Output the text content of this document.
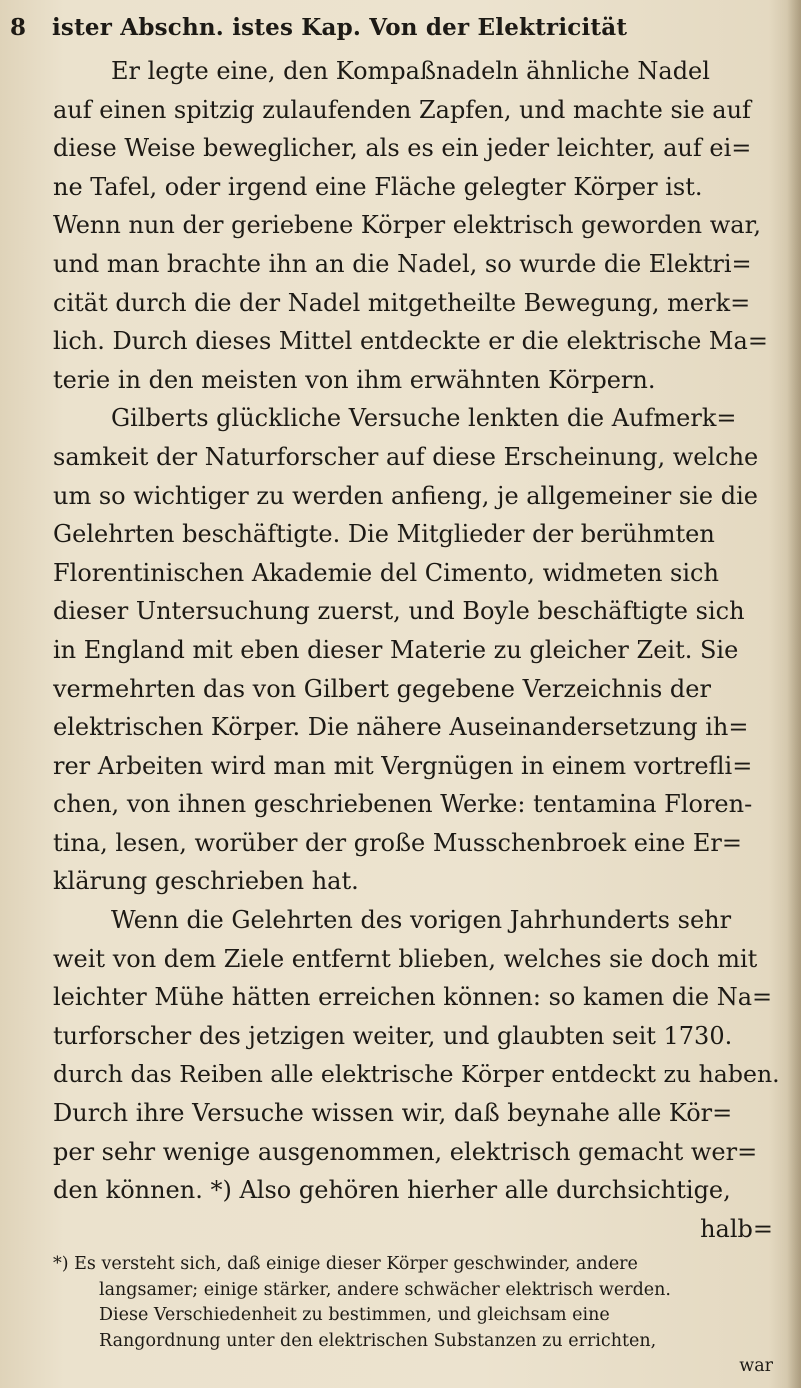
8 ister Abschn. istes Kap. Von der Elektricität
Er legte eine, den Kompaßnadeln ähnliche Nadel
auf einen spitzig zulaufenden Zapfen, und machte sie auf
diese Weise beweglicher, als es ein jeder leichter, auf ei=
ne Tafel, oder irgend eine Fläche gelegter Körper ist.
Wenn nun der geriebene Körper elektrisch geworden war,
und man brachte ihn an die Nadel, so wurde die Elektri=
cität durch die der Nadel mitgetheilte Bewegung, merk=
lich. Durch dieses Mittel entdeckte er die elektrische Ma=
terie in den meisten von ihm erwähnten Körpern.
Gilberts glückliche Versuche lenkten die Aufmerk=
samkeit der Naturforscher auf diese Erscheinung, welche
um so wichtiger zu werden anfieng, je allgemeiner sie die
Gelehrten beschäftigte. Die Mitglieder der berühmten
Florentinischen Akademie del Cimento, widmeten sich
dieser Untersuchung zuerst, und Boyle beschäftigte sich
in England mit eben dieser Materie zu gleicher Zeit. Sie
vermehrten das von Gilbert gegebene Verzeichnis der
elektrischen Körper. Die nähere Auseinandersetzung ih=
rer Arbeiten wird man mit Vergnügen in einem vortrefli=
chen, von ihnen geschriebenen Werke: tentamina Floren-
tina, lesen, worüber der große Musschenbroek eine Er=
klärung geschrieben hat.
Wenn die Gelehrten des vorigen Jahrhunderts sehr
weit von dem Ziele entfernt blieben, welches sie doch mit
leichter Mühe hätten erreichen können: so kamen die Na=
turforscher des jetzigen weiter, und glaubten seit 1730.
durch das Reiben alle elektrische Körper entdeckt zu haben.
Durch ihre Versuche wissen wir, daß beynahe alle Kör=
per sehr wenige ausgenommen, elektrisch gemacht wer=
den können. *) Also gehören hierher alle durchsichtige,
halb=
*) Es versteht sich, daß einige dieser Körper geschwinder, andere
langsamer; einige stärker, andere schwächer elektrisch werden.
Diese Verschiedenheit zu bestimmen, und gleichsam eine
Rangordnung unter den elektrischen Substanzen zu errichten,
war
